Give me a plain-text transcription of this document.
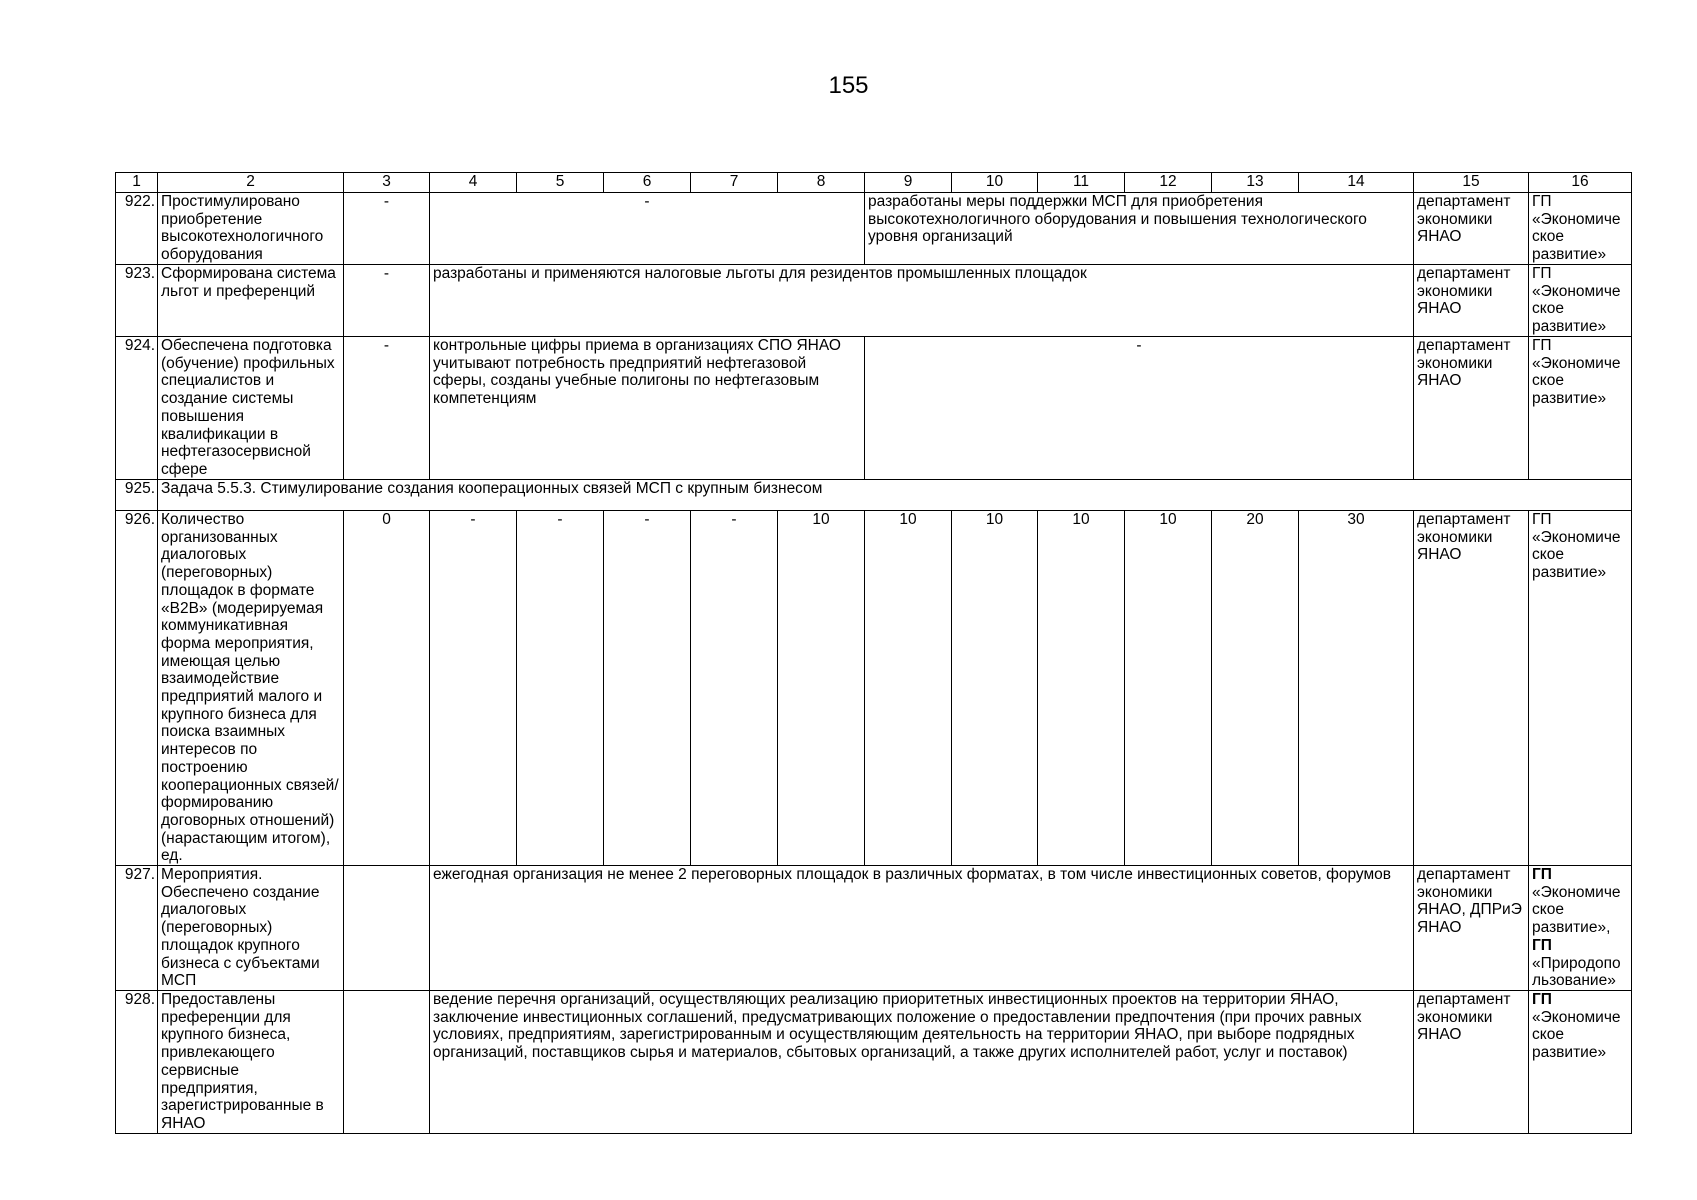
155
1	2	3	4	5	6	7	8	9	10	11	12	13	14	15	16
922.	Простимулировано приобретение высокотехнологичного оборудования	-	-					разработаны меры поддержки МСП для приобретения высокотехнологичного оборудования и повышения технологического уровня организаций						департамент экономики ЯНАО	ГП
«Экономическое развитие»

923.	Сформирована система льгот и преференций	-	разработаны и применяются налоговые льготы для резидентов промышленных площадок											департамент экономики ЯНАО	ГП
«Экономическое развитие»

924.	Обеспечена подготовка (обучение) профильных специалистов и создание системы повышения квалификации в нефтегазосервисной сфере	-	контрольные цифры приема в организациях СПО ЯНАО учитывают потребность предприятий нефтегазовой сферы, созданы учебные полигоны по нефтегазовым компетенциям					-						департамент экономики ЯНАО	ГП
«Экономическое развитие»

925.	Задача 5.5.3. Стимулирование создания кооперационных связей МСП с крупным бизнесом														
926.	Количество организованных диалоговых (переговорных) площадок в формате «B2B» (модерируемая коммуникативная форма мероприятия, имеющая целью взаимодействие предприятий малого и крупного бизнеса для поиска взаимных интересов по построению кооперационных связей/формированию договорных отношений) (нарастающим итогом), ед.	0	-	-	-	-	10	10	10	10	10	20	30	департамент экономики ЯНАО	ГП
«Экономическое развитие»

927.	Мероприятия. Обеспечено создание диалоговых (переговорных) площадок крупного бизнеса с субъектами МСП		ежегодная организация не менее 2 переговорных площадок в различных форматах, в том числе инвестиционных советов, форумов											департамент экономики ЯНАО, ДПРиЭ ЯНАО	ГП
«Экономическое развитие»,
ГП
«Природопользование»

928.	Предоставлены преференции для крупного бизнеса, привлекающего сервисные предприятия, зарегистрированные в ЯНАО		ведение перечня организаций, осуществляющих реализацию приоритетных инвестиционных проектов на территории ЯНАО, заключение инвестиционных соглашений, предусматривающих положение о предоставлении предпочтения (при прочих равных условиях, предприятиям, зарегистрированным и осуществляющим деятельность на территории ЯНАО, при выборе подрядных организаций, поставщиков сырья и материалов, сбытовых организаций, а также других исполнителей работ, услуг и поставок)											департамент экономики ЯНАО	ГП
«Экономическое развитие»
